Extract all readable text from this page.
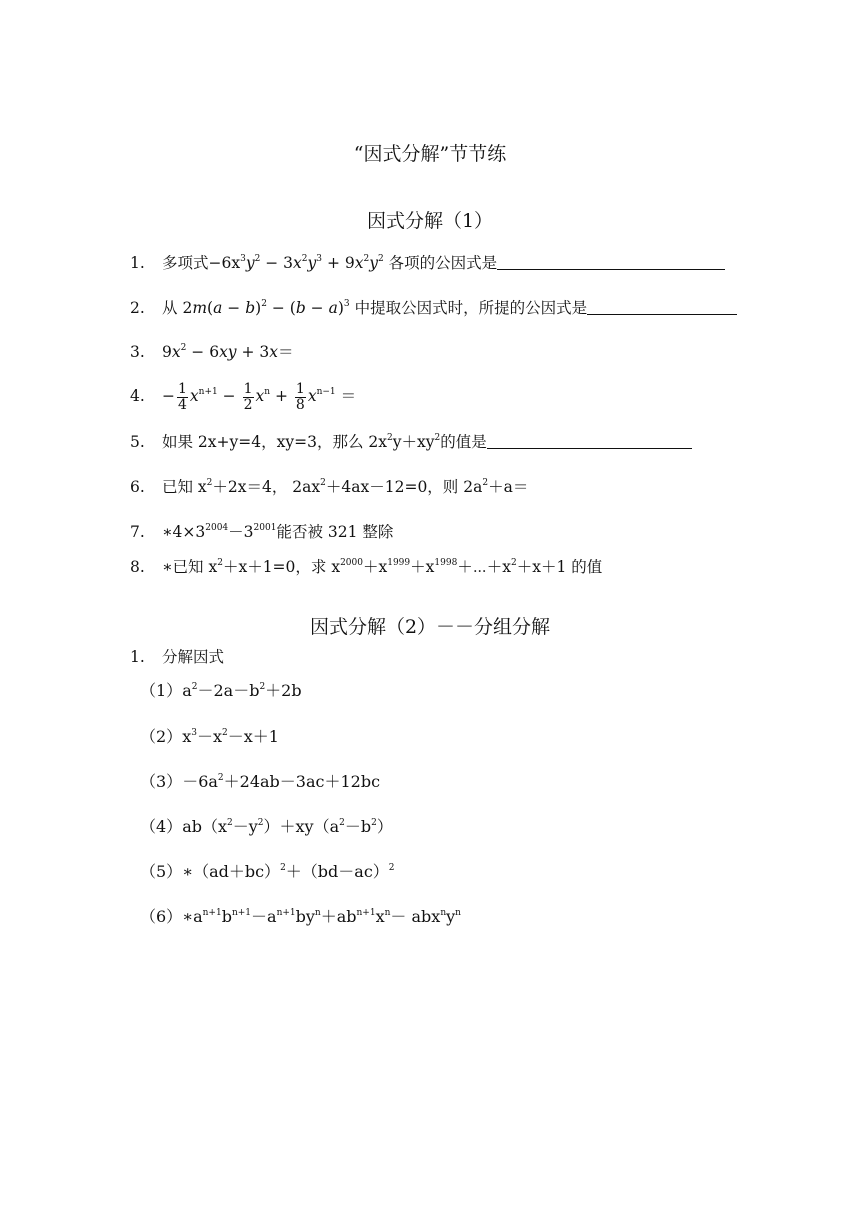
“因式分解”节节练
因式分解（1）
1. 多项式$-6x^3y^2 - 3x^2y^3 + 9x^2y^2$ 各项的公因式是
2. 从 $2m(a - b)^2 - (b - a)^3$ 中提取公因式时，所提的公因式是
3. $9x^2 - 6xy + 3x=$
4. − $\frac{1}{4} x^{n+1} - \frac{1}{2} x^n + \frac{1}{8} x^{n-1}$ ＝
5. 如果 2x+y=4，xy=3，那么 $2x^2y+xy^2$的值是
6. 已知 $x^2+2x=4$， $2ax^2+4ax-12=0$，则 $2a^2+a=$
7. $∗4\times 3^{2004}-3^{2001}$能否被 321 整除
8. ∗已知 $x^2+x+1=0$，求 $x^{2000}+x^{1999}+x^{1998}+\cdots+x^2+x+1$ 的值
因式分解（2）－－分组分解
1. 分解因式
$(1)a^2-2a-b^2+2b$
$(2)x^3-x^2-x+1$
$(3)-6a^2+24ab-3ac+12bc$
$(4)ab(x^2-y^2)+xy(a^2-b^2)$
$(5)∗(ad+bc)^2+(bd-ac)^2$
$(6)∗a^{n+1}b^{n+1}-a^{n+1}by^n+ab^{n+1}x^n- abx^ny^n$
